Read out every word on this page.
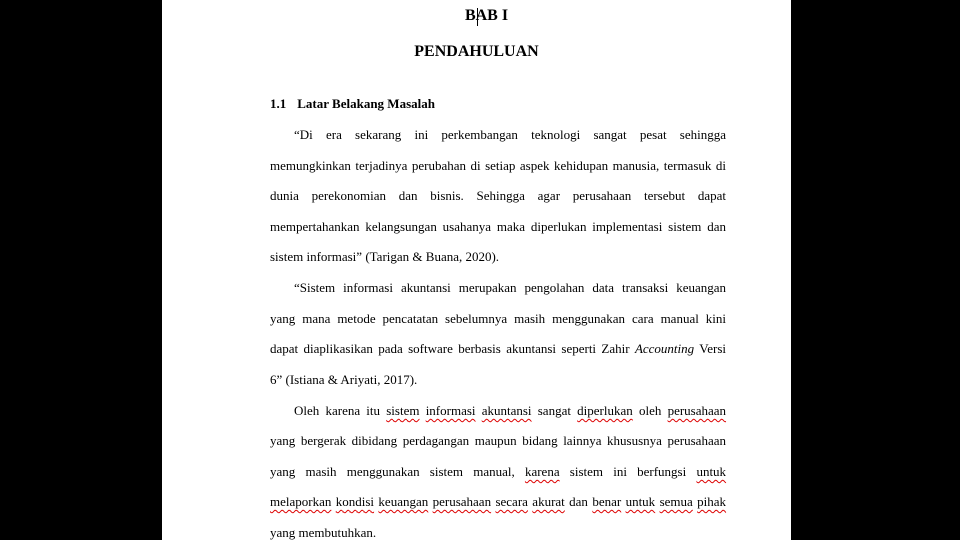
BAB I
PENDAHULUAN
1.1 Latar Belakang Masalah
“Di era sekarang ini perkembangan teknologi sangat pesat sehingga
memungkinkan terjadinya perubahan di setiap aspek kehidupan manusia, termasuk di
dunia perekonomian dan bisnis. Sehingga agar perusahaan tersebut dapat
mempertahankan kelangsungan usahanya maka diperlukan implementasi sistem dan
sistem informasi” (Tarigan & Buana, 2020).
“Sistem informasi akuntansi merupakan pengolahan data transaksi keuangan
yang mana metode pencatatan sebelumnya masih menggunakan cara manual kini
dapat diaplikasikan pada software berbasis akuntansi seperti Zahir Accounting Versi
6” (Istiana & Ariyati, 2017).
Oleh karena itu sistem informasi akuntansi sangat diperlukan oleh perusahaan
yang bergerak dibidang perdagangan maupun bidang lainnya khususnya perusahaan
yang masih menggunakan sistem manual, karena sistem ini berfungsi untuk
melaporkan kondisi keuangan perusahaan secara akurat dan benar untuk semua pihak
yang membutuhkan.
